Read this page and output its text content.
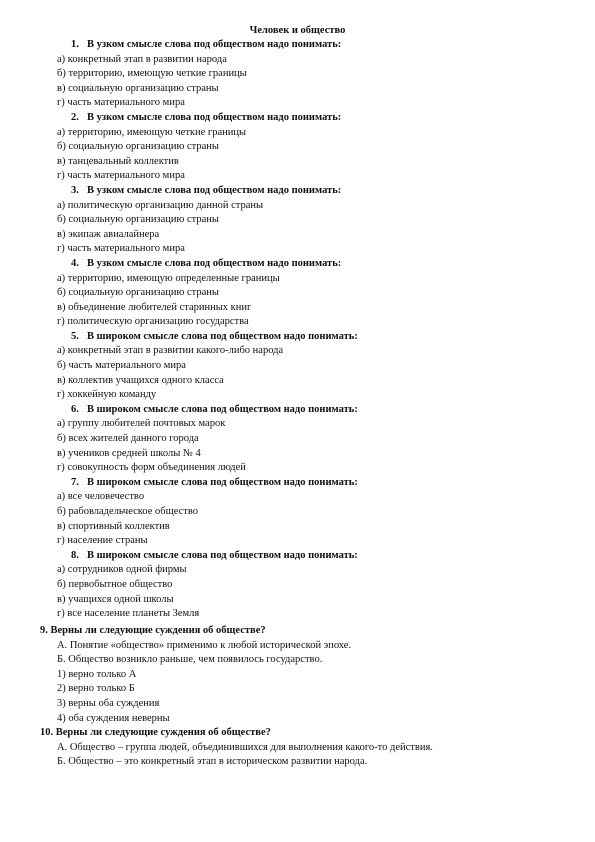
Человек и общество
1. В узком смысле слова под обществом надо понимать:
а) конкретный этап в развитии народа
б) территорию, имеющую четкие границы
в) социальную организацию страны
г) часть материального мира
2. В узком смысле слова под обществом надо понимать:
а) территорию, имеющую четкие границы
б) социальную организацию страны
в) танцевальный коллектив
г) часть материального мира
3. В узком смысле слова под обществом надо понимать:
а) политическую организацию данной страны
б) социальную организацию страны
в) экипаж авиалайнера
г) часть материального мира
4. В узком смысле слова под обществом надо понимать:
а) территорию, имеющую определенные границы
б) социальную организацию страны
в) объединение любителей старинных книг
г) политическую организацию государства
5. В широком смысле слова под обществом надо понимать:
а) конкретный этап в развитии какого-либо народа
б) часть материального мира
в) коллектив учащихся одного класса
г) хоккейную команду
6. В широком смысле слова под обществом надо понимать:
а) группу любителей почтовых марок
б) всех жителей данного города
в) учеников средней школы № 4
г) совокупность форм объединения людей
7. В широком смысле слова под обществом надо понимать:
а) все человечество
б) рабовладельческое общество
в) спортивный коллектив
г) население страны
8. В широком смысле слова под обществом надо понимать:
а) сотрудников одной фирмы
б) первобытное общество
в) учащихся одной школы
г) все население планеты Земля
9. Верны ли следующие суждения об обществе?
А. Понятие «общество» применимо к любой исторической эпохе.
Б. Общество возникло раньше, чем появилось государство.
1) верно только А
2) верно только Б
3) верны оба суждения
4) оба суждения неверны
10. Верны ли следующие суждения об обществе?
А. Общество – группа людей, объединившихся для выполнения какого-то действия.
Б. Общество – это конкретный этап в историческом развитии народа.
